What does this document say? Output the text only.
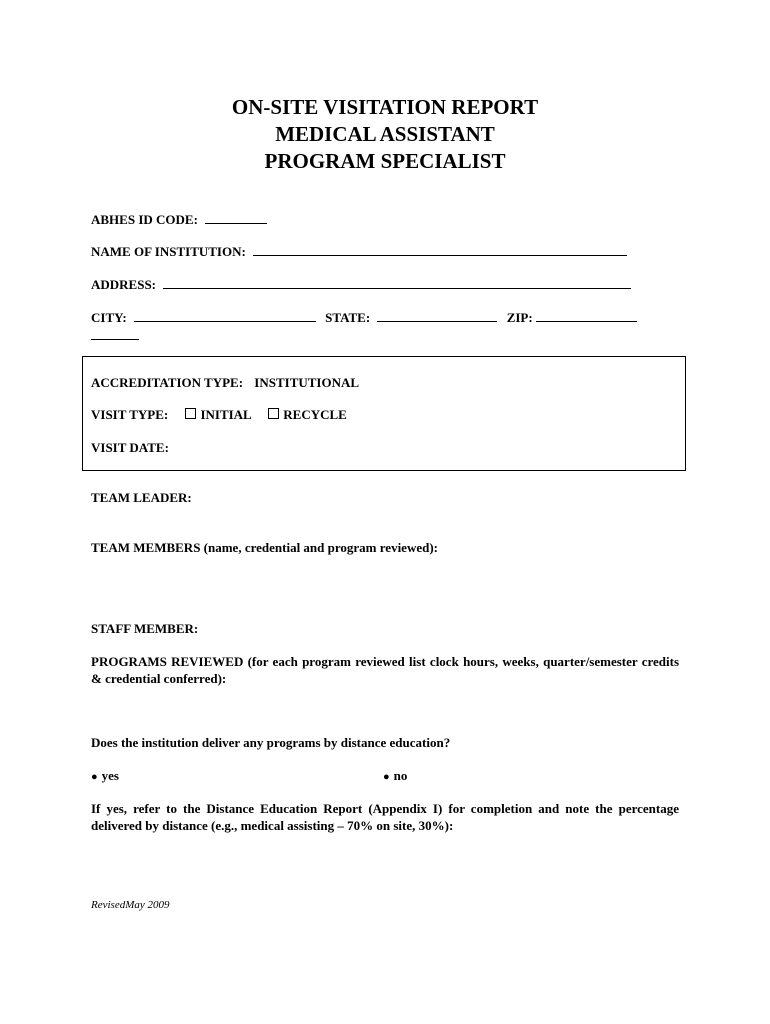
ON-SITE VISITATION REPORT
MEDICAL ASSISTANT
PROGRAM SPECIALIST
ABHES ID CODE:
NAME OF INSTITUTION:
ADDRESS:
CITY:	STATE:	ZIP:
ACCREDITATION TYPE: INSTITUTIONAL
VISIT TYPE: INITIAL RECYCLE
VISIT DATE:
TEAM LEADER:
TEAM MEMBERS (name, credential and program reviewed):
STAFF MEMBER:
PROGRAMS REVIEWED (for each program reviewed list clock hours, weeks, quarter/semester credits & credential conferred):
Does the institution deliver any programs by distance education?
● yes	● no
If yes, refer to the Distance Education Report (Appendix I) for completion and note the percentage delivered by distance (e.g., medical assisting – 70% on site, 30%):
RevisedMay 2009
